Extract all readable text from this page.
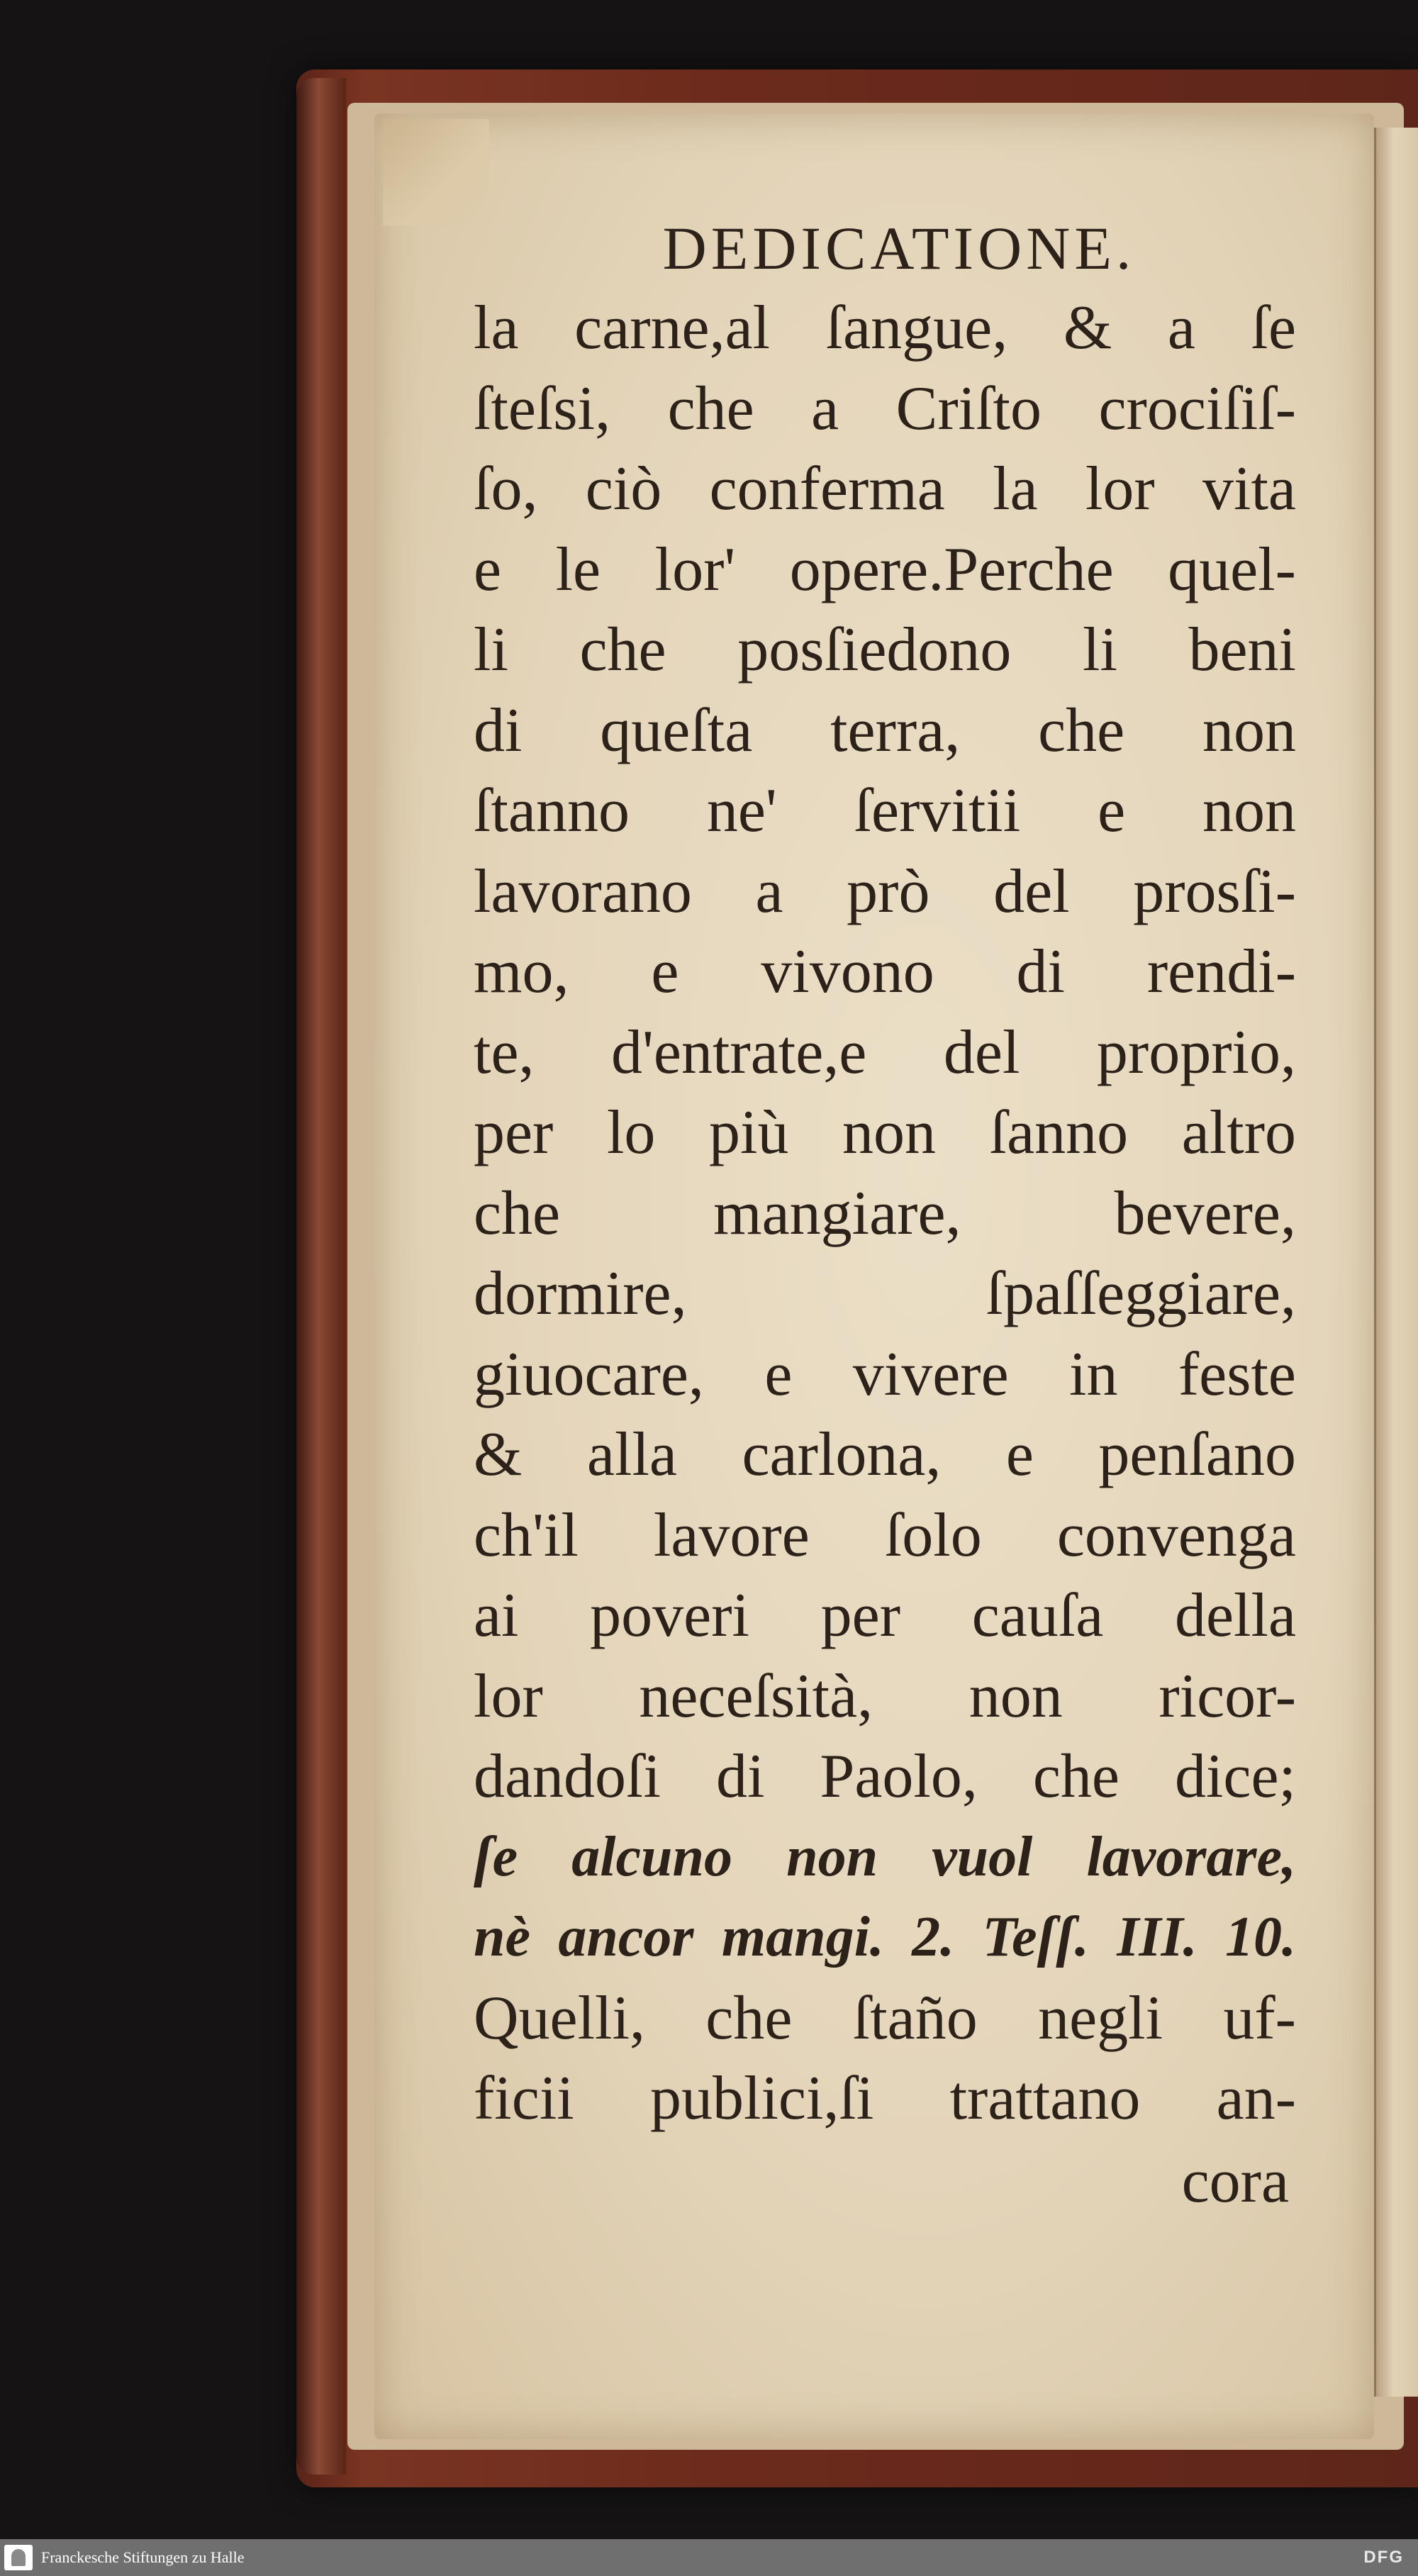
DEDICATIONE.
la carne,al ſangue, & a ſe
ſteſsi, che a Criſto crociſiſ-
ſo, ciò conferma la lor vita
e le lor' opere.Perche quel-
li che posſiedono li beni
di queſta terra, che non
ſtanno ne' ſervitii e non
lavorano a prò del prosſi-
mo, e vivono di rendi-
te, d'entrate,e del proprio,
per lo più non ſanno altro
che mangiare, bevere,
dormire, ſpaſſeggiare,
giuocare, e vivere in feste
& alla carlona, e penſano
ch'il lavore ſolo convenga
ai poveri per cauſa della
lor neceſsità, non ricor-
dandoſi di Paolo, che dice;
ſe alcuno non vuol lavorare,
nè ancor mangi. 2. Teſſ. III. 10.
Quelli, che ſtaño negli uf-
ficii publici,ſi trattano an-
cora
Franckesche Stiftungen zu Halle	DFG
